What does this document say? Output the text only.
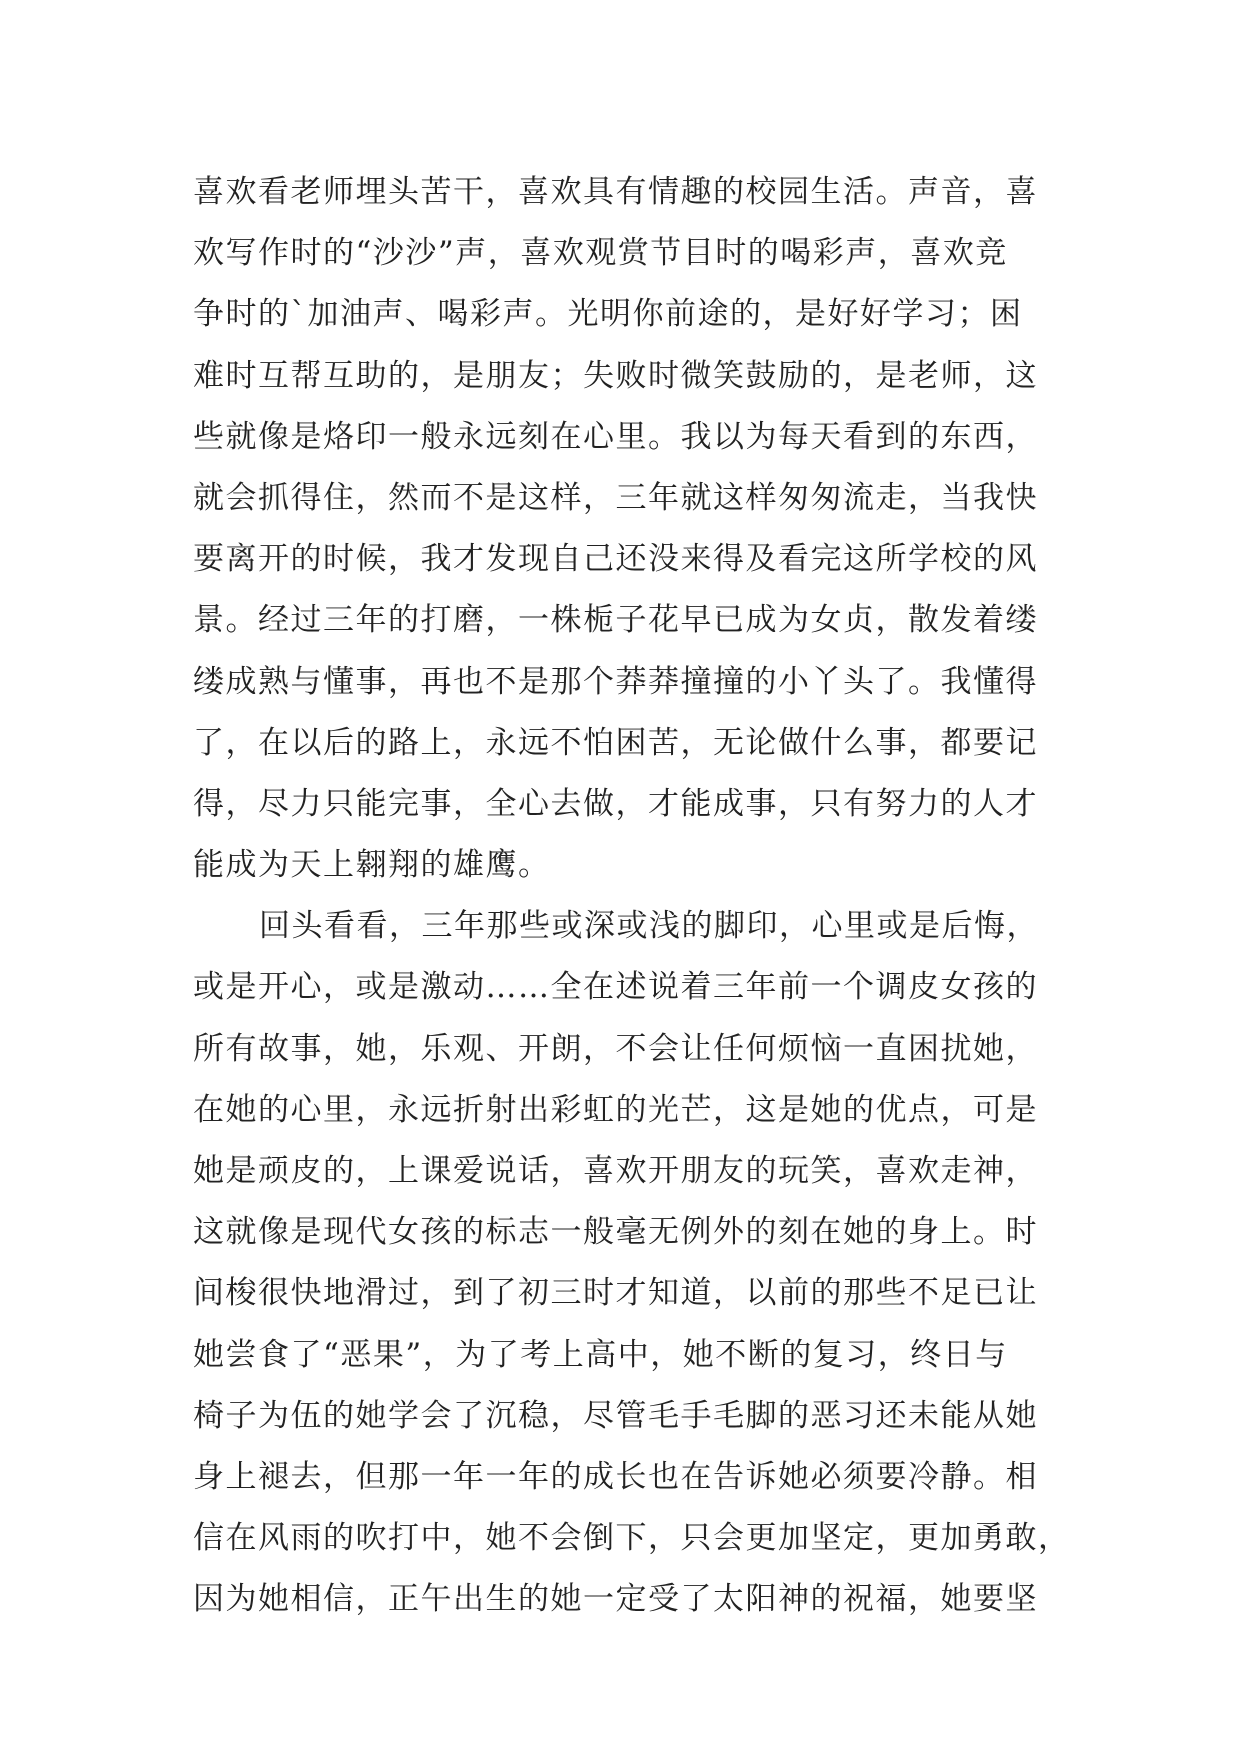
喜欢看老师埋头苦干，喜欢具有情趣的校园生活。声音，喜
欢写作时的“沙沙”声，喜欢观赏节目时的喝彩声，喜欢竞
争时的`加油声、喝彩声。光明你前途的，是好好学习；困
难时互帮互助的，是朋友；失败时微笑鼓励的，是老师，这
些就像是烙印一般永远刻在心里。我以为每天看到的东西，
就会抓得住，然而不是这样，三年就这样匆匆流走，当我快
要离开的时候，我才发现自己还没来得及看完这所学校的风
景。经过三年的打磨，一株栀子花早已成为女贞，散发着缕
缕成熟与懂事，再也不是那个莽莽撞撞的小丫头了。我懂得
了，在以后的路上，永远不怕困苦，无论做什么事，都要记
得，尽力只能完事，全心去做，才能成事，只有努力的人才
能成为天上翱翔的雄鹰。
回头看看，三年那些或深或浅的脚印，心里或是后悔，
或是开心，或是激动……全在述说着三年前一个调皮女孩的
所有故事，她，乐观、开朗，不会让任何烦恼一直困扰她，
在她的心里，永远折射出彩虹的光芒，这是她的优点，可是
她是顽皮的，上课爱说话，喜欢开朋友的玩笑，喜欢走神，
这就像是现代女孩的标志一般毫无例外的刻在她的身上。时
间梭很快地滑过，到了初三时才知道，以前的那些不足已让
她尝食了“恶果”，为了考上高中，她不断的复习，终日与
椅子为伍的她学会了沉稳，尽管毛手毛脚的恶习还未能从她
身上褪去，但那一年一年的成长也在告诉她必须要冷静。相
信在风雨的吹打中，她不会倒下，只会更加坚定，更加勇敢，
因为她相信，正午出生的她一定受了太阳神的祝福，她要坚
